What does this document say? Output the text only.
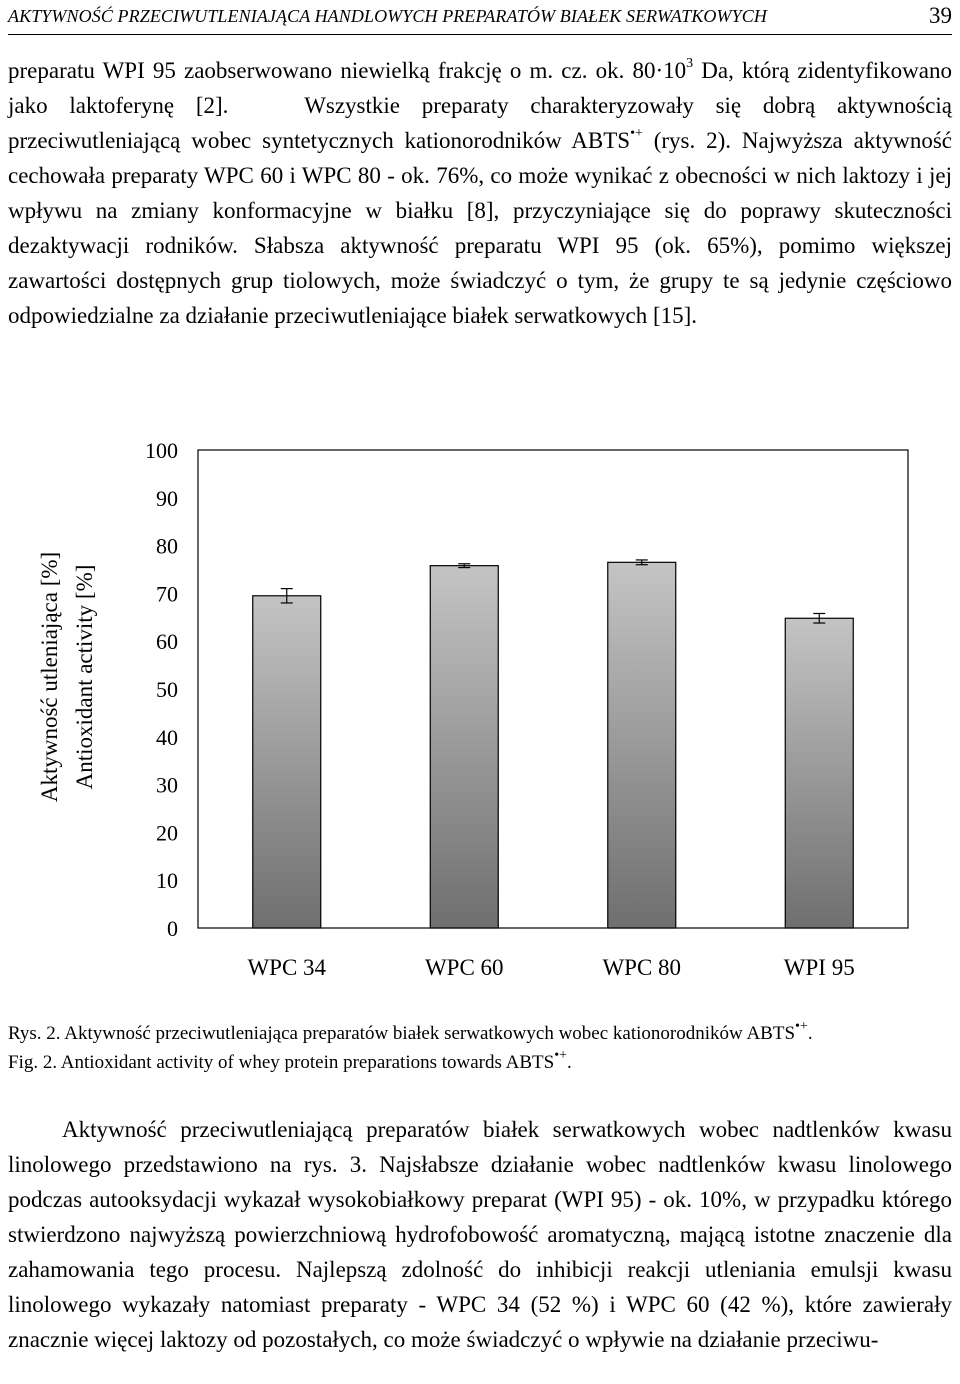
AKTYWNOŚĆ PRZECIWUTLENIAJĄCA HANDLOWYCH PREPARATÓW BIAŁEK SERWATKOWYCH	39
preparatu WPI 95 zaobserwowano niewielką frakcję o m. cz. ok. $80\cdot 10^3$ Da, którą zidentyfikowano jako laktoferynę [2].	Wszystkie preparaty charakteryzowały się dobrą aktywnością przeciwutleniającą wobec syntetycznych kationorodników ABTS•+ (rys. 2). Najwyższa aktywność cechowała preparaty WPC 60 i WPC 80 - ok. 76%, co może wynikać z obecności w nich laktozy i jej wpływu na zmiany konformacyjne w białku [8], przyczyniające się do poprawy skuteczności dezaktywacji rodników. Słabsza aktywność preparatu WPI 95 (ok. 65%), pomimo większej zawartości dostępnych grup tiolowych, może świadczyć o tym, że grupy te są jedynie częściowo odpowiedzialne za działanie przeciwutleniające białek serwatkowych [15].
Aktywność utleniająca [%] Antioxidant activity [%]
0
10
20
30
40
50
60
70
80
90
100
WPC 34	WPC 60	WPC 80	WPI 95
Rys. 2. Aktywność przeciwutleniająca preparatów białek serwatkowych wobec kationorodników ABTS•+.
Fig. 2. Antioxidant activity of whey protein preparations towards ABTS•+.
Aktywność przeciwutleniającą preparatów białek serwatkowych wobec nadtlenków kwasu linolowego przedstawiono na rys. 3. Najsłabsze działanie wobec nadtlenków kwasu linolowego podczas autooksydacji wykazał wysokobiałkowy preparat (WPI 95) - ok. 10%, w przypadku którego stwierdzono najwyższą powierzchniową hydrofobowość aromatyczną, mającą istotne znaczenie dla zahamowania tego procesu. Najlepszą zdolność do inhibicji reakcji utleniania emulsji kwasu linolowego wykazały natomiast preparaty - WPC 34 (52 %) i WPC 60 (42 %), które zawierały znacznie więcej laktozy od pozostałych, co może świadczyć o wpływie na działanie przeciwu-
